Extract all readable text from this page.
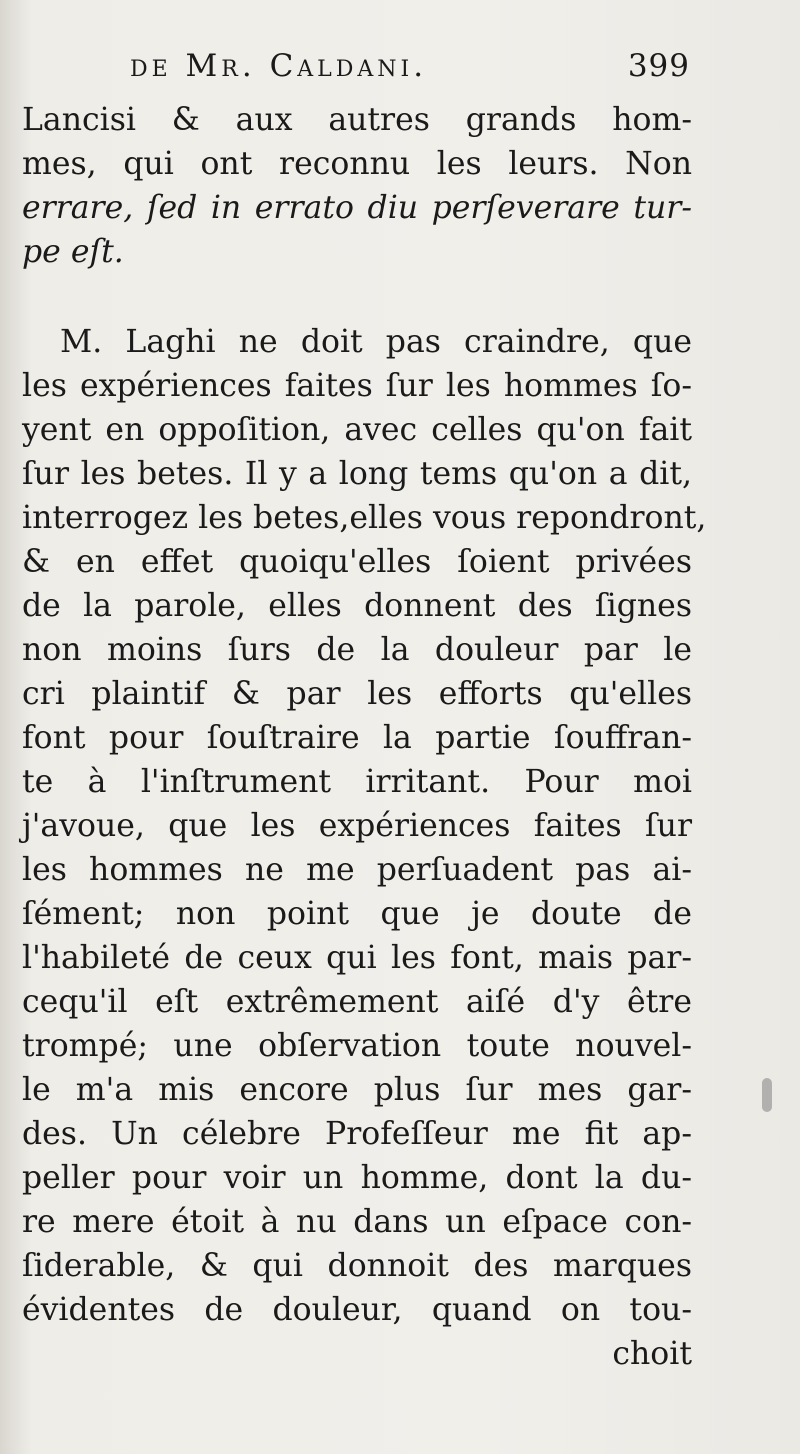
de Mr. Caldani.	399
Lancisi & aux autres grands hom-
mes, qui ont reconnu les leurs. Non
errare, ſed in errato diu perſeverare tur-
pe eſt.
M. Laghi ne doit pas craindre, que
les expériences faites ſur les hommes ſo-
yent en oppoſition, avec celles qu'on fait
ſur les betes. Il y a long tems qu'on a dit,
interrogez les betes,elles vous repondront,
& en effet quoiqu'elles ſoient privées
de la parole, elles donnent des ſignes
non moins ſurs de la douleur par le
cri plaintif & par les efforts qu'elles
font pour ſouſtraire la partie ſouffran-
te à l'inſtrument irritant. Pour moi
j'avoue, que les expériences faites ſur
les hommes ne me perſuadent pas ai-
ſément; non point que je doute de
l'habileté de ceux qui les font, mais par-
cequ'il eſt extrêmement aiſé d'y être
trompé; une obſervation toute nouvel-
le m'a mis encore plus ſur mes gar-
des. Un célebre Profeſſeur me fit ap-
peller pour voir un homme, dont la du-
re mere étoit à nu dans un eſpace con-
ſiderable, & qui donnoit des marques
évidentes de douleur, quand on tou-
choit
